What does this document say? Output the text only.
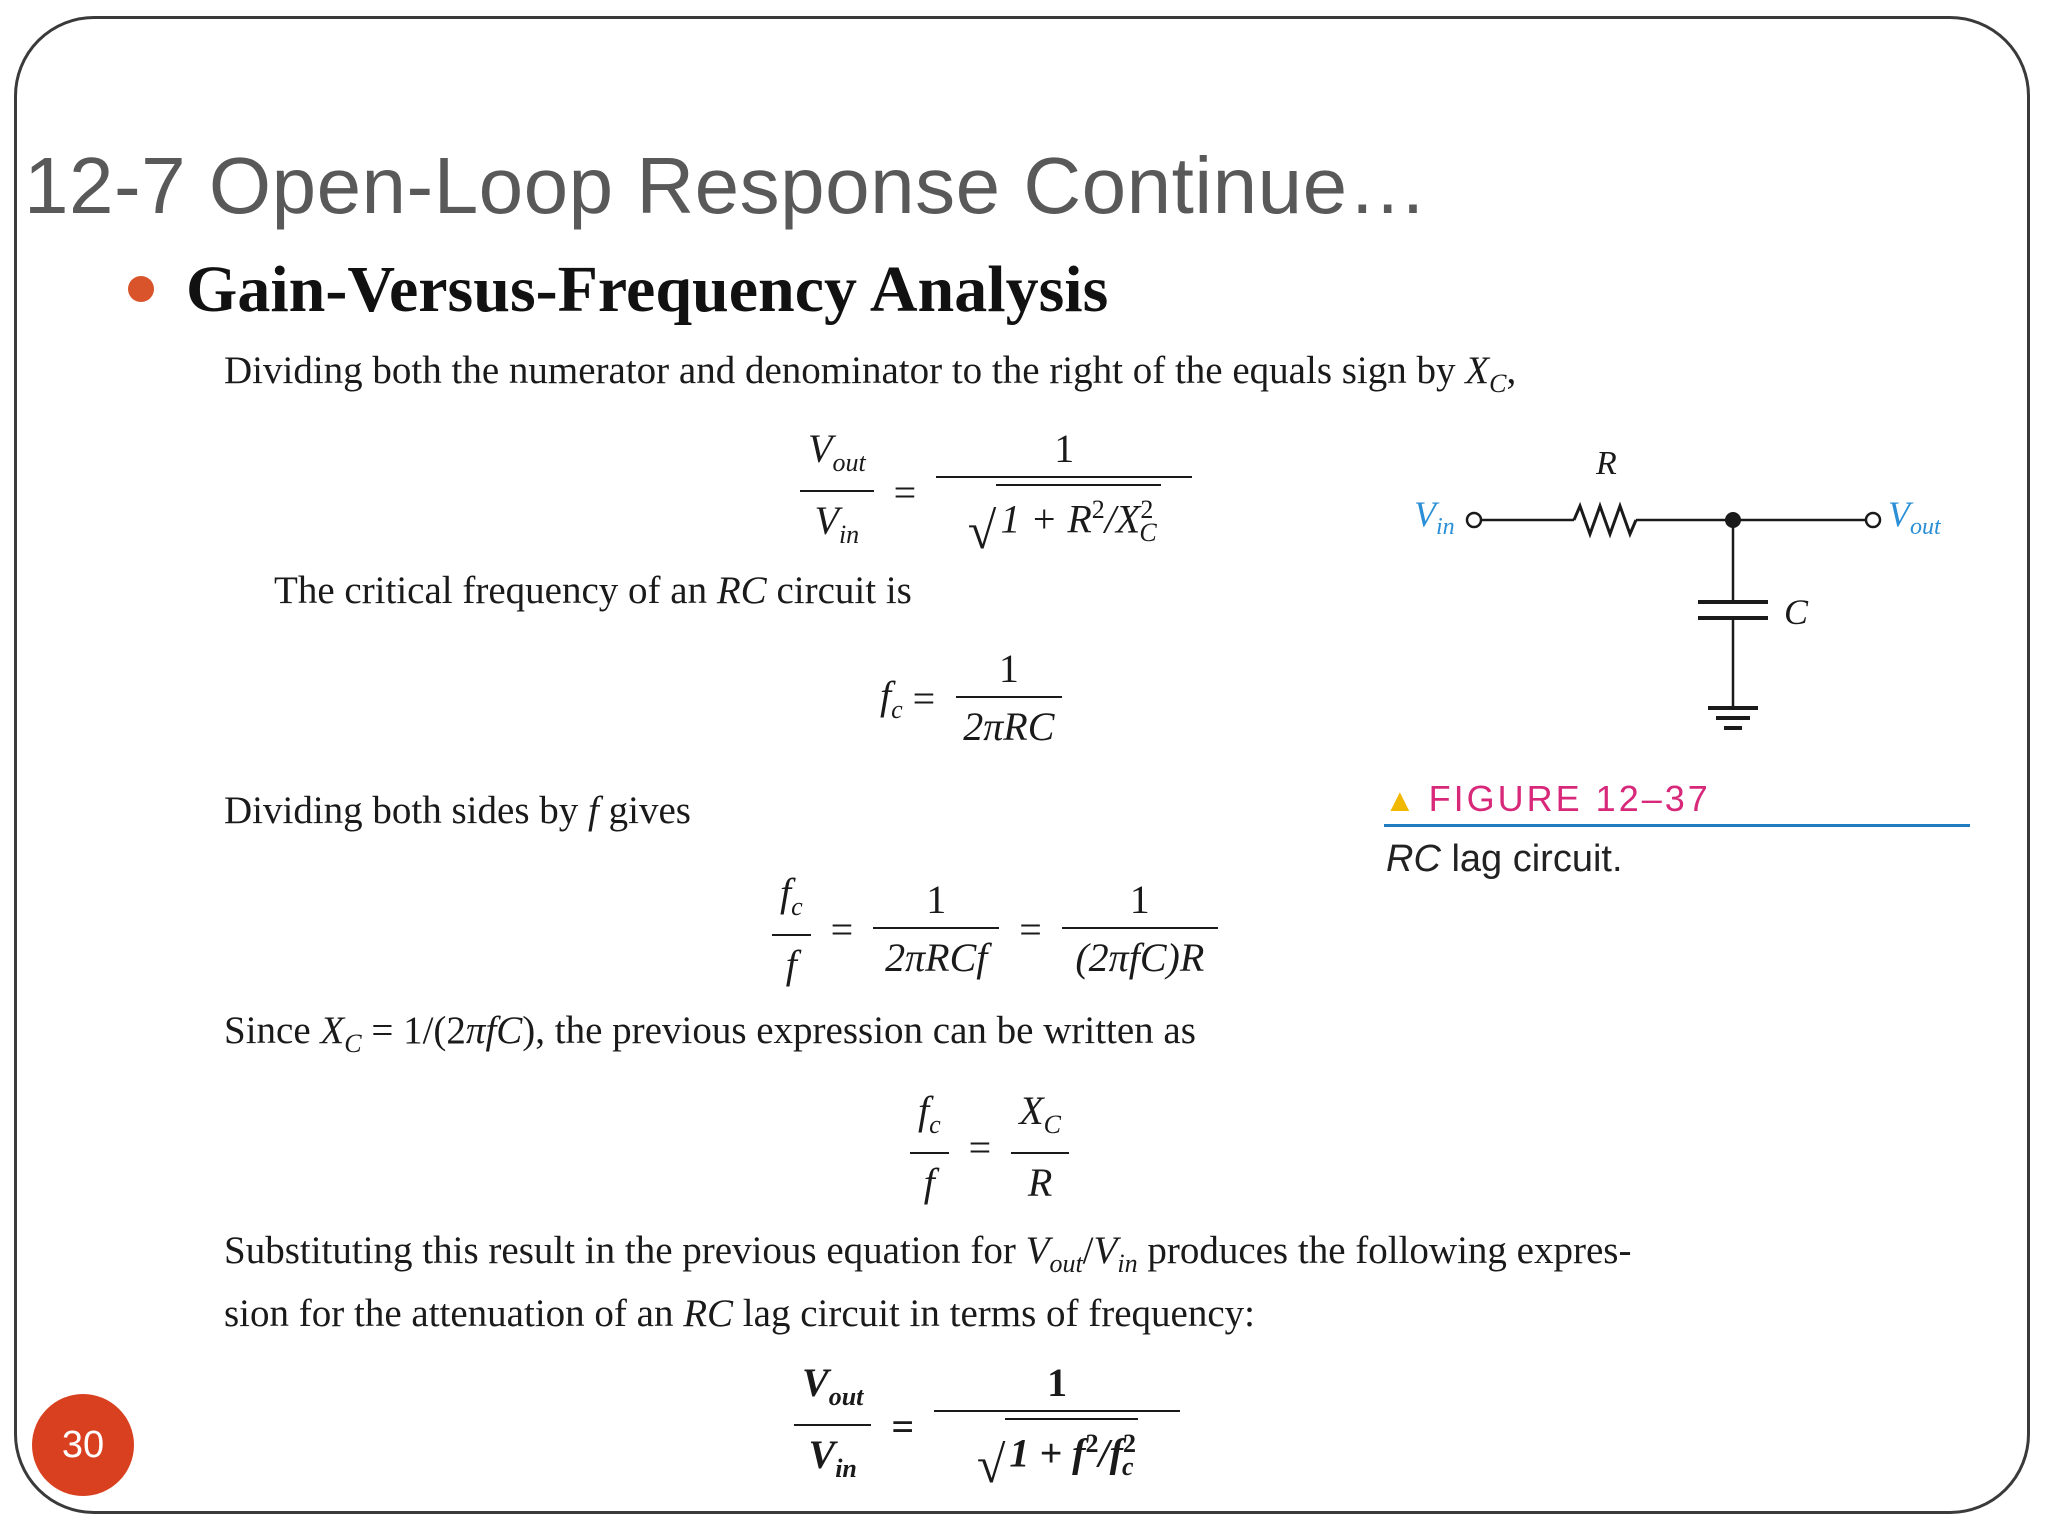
12-7 Open-Loop Response Continue…
Gain-Versus-Frequency Analysis
Dividing both the numerator and denominator to the right of the equals sign by $X_C$,
$\frac{V_{out}}{V_{in}} = \frac{1}{√ 1 + R^2/X^2_C}$
The critical frequency of an RC circuit is
$f_c = \frac{1}{\text{2πRC}}$
Dividing both sides by f gives
$\frac{f_c}{f} = \frac{1}{\text{2πRCf}} = \frac{1}{\text{(2πfC)R}}$
Since $X_C = 1/(2\pi fC)$, the previous expression can be written as
$\frac{f_c}{f} = \frac{X_C}{R}$
Substituting this result in the previous equation for $V_{out}/V_{in}$ produces the following expres-
sion for the attenuation of an RC lag circuit in terms of frequency:
$\frac{V_{out}}{V_{in}} = \frac{1}{√ 1 + f^2/f^2_c}$
$V_{in}$
R
$V_{out}$
C
▲ FIGURE 12–37
RC lag circuit.
30
